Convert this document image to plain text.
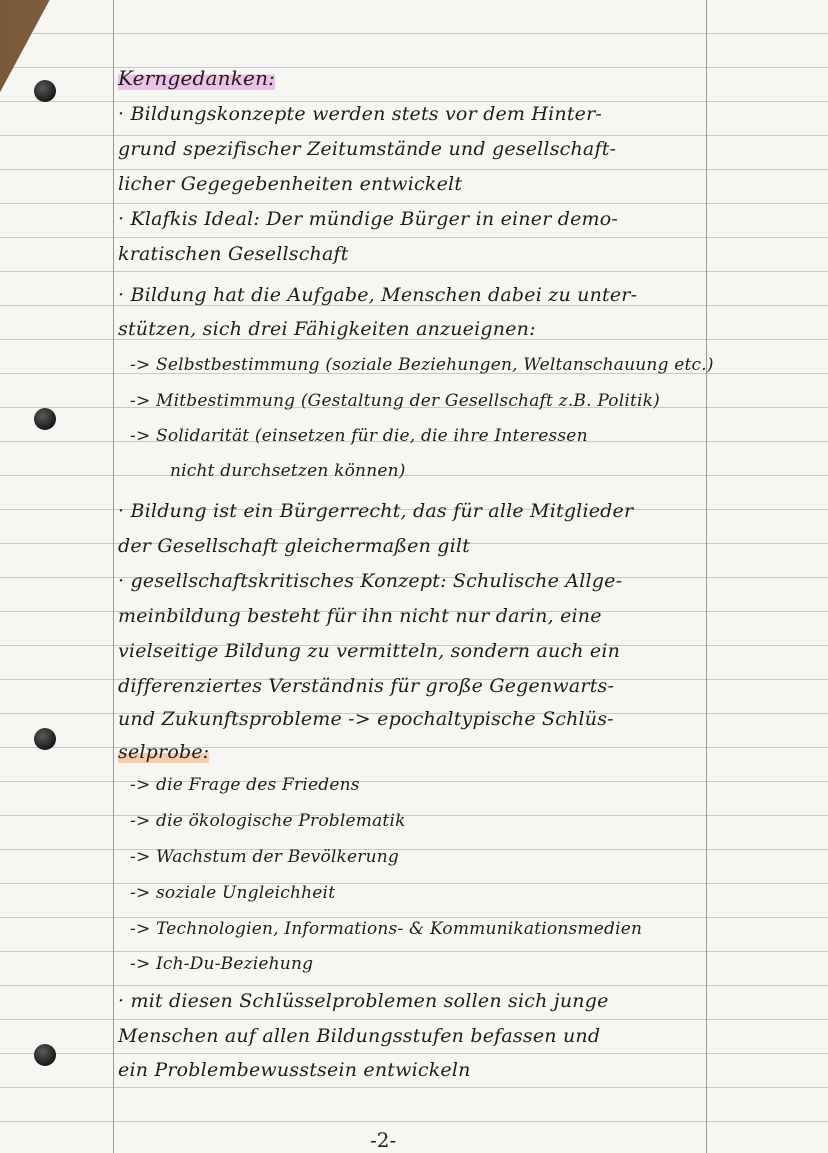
Kerngedanken:
· Bildungskonzepte werden stets vor dem Hinter-
grund spezifischer Zeitumstände und gesellschaft-
licher Gegegebenheiten entwickelt
· Klafkis Ideal: Der mündige Bürger in einer demo-
kratischen Gesellschaft
· Bildung hat die Aufgabe, Menschen dabei zu unter-
stützen, sich drei Fähigkeiten anzueignen:
-> Selbstbestimmung (soziale Beziehungen, Weltanschauung etc.)
-> Mitbestimmung (Gestaltung der Gesellschaft z.B. Politik)
-> Solidarität (einsetzen für die, die ihre Interessen
nicht durchsetzen können)
· Bildung ist ein Bürgerrecht, das für alle Mitglieder
der Gesellschaft gleichermaßen gilt
· gesellschaftskritisches Konzept: Schulische Allge-
meinbildung besteht für ihn nicht nur darin, eine
vielseitige Bildung zu vermitteln, sondern auch ein
differenziertes Verständnis für große Gegenwarts-
und Zukunftsprobleme -> epochaltypische Schlüs-
selprobe:
-> die Frage des Friedens
-> die ökologische Problematik
-> Wachstum der Bevölkerung
-> soziale Ungleichheit
-> Technologien, Informations- & Kommunikationsmedien
-> Ich-Du-Beziehung
· mit diesen Schlüsselproblemen sollen sich junge
Menschen auf allen Bildungsstufen befassen und
ein Problembewusstsein entwickeln
-2-
